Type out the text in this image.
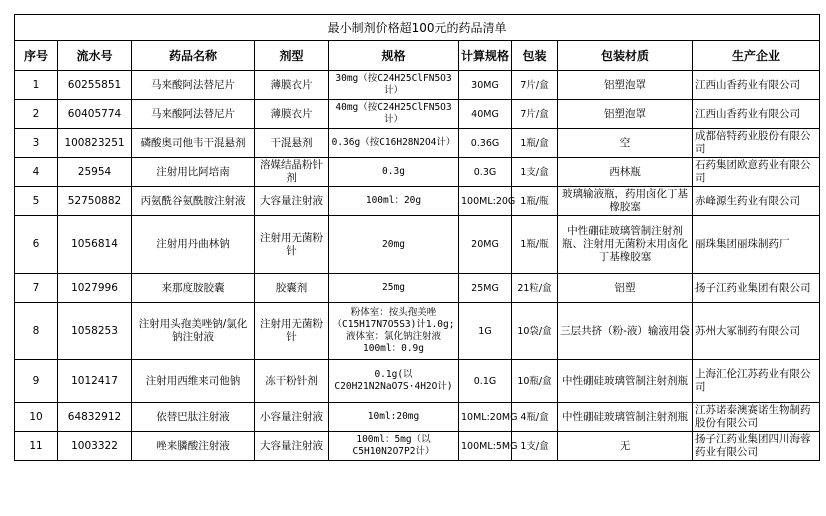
最小制剂价格超100元的药品清单								
序号	流水号	药品名称	剂型	规格	计算规格	包装	包装材质	生产企业
1	60255851	马来酸阿法替尼片	薄膜衣片	30mg（按C24H25ClFN5O3计）	30MG	7片/盒	铝塑泡罩	江西山香药业有限公司
2	60405774	马来酸阿法替尼片	薄膜衣片	40mg（按C24H25ClFN5O3计）	40MG	7片/盒	铝塑泡罩	江西山香药业有限公司
3	100823251	磷酸奥司他韦干混悬剂	干混悬剂	0.36g（按C16H28N2O4计）	0.36G	1瓶/盒	空	成都倍特药业股份有限公司
4	25954	注射用比阿培南	溶媒结晶粉针剂	0.3g	0.3G	1支/盒	西林瓶	石药集团欧意药业有限公司
5	52750882	丙氨酰谷氨酰胺注射液	大容量注射液	100ml：20g	100ML:20G	1瓶/瓶	玻璃输液瓶，药用卤化丁基橡胶塞	赤峰源生药业有限公司
6	1056814	注射用丹曲林钠	注射用无菌粉针	20mg	20MG	1瓶/瓶	中性硼硅玻璃管制注射剂瓶、注射用无菌粉末用卤化丁基橡胶塞	丽珠集团丽珠制药厂
7	1027996	来那度胺胶囊	胶囊剂	25mg	25MG	21粒/盒	铝塑	扬子江药业集团有限公司
8	1058253	注射用头孢美唑钠/氯化钠注射液	注射用无菌粉针	粉体室：按头孢美唑（C15H17N7O5S3)计1.0g;液体室：氯化钠注射液100ml：0.9g	1G	10袋/盒	三层共挤（粉-液）输液用袋	苏州大冢制药有限公司
9	1012417	注射用西维来司他钠	冻干粉针剂	0.1g(以C20H21N2NaO7S·4H2O计)	0.1G	10瓶/盒	中性硼硅玻璃管制注射剂瓶	上海汇伦江苏药业有限公司
10	64832912	依替巴肽注射液	小容量注射液	10ml:20mg	10ML:20MG	4瓶/盒	中性硼硅玻璃管制注射剂瓶	江苏诺泰澳赛诺生物制药股份有限公司
11	1003322	唑来膦酸注射液	大容量注射液	100ml：5mg（以C5H10N2O7P2计）	100ML:5MG	1支/盒	无	扬子江药业集团四川海蓉药业有限公司
